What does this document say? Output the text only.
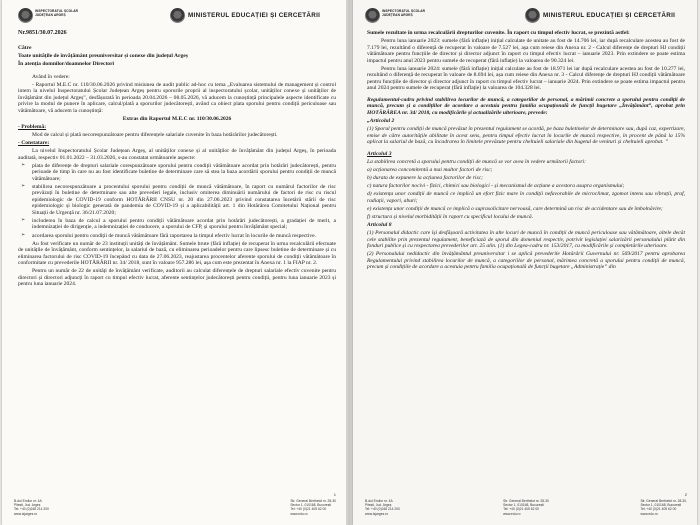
INSPECTORATUL ȘCOLAR
JUDEȚEAN ARGEȘ	MINISTERUL EDUCAȚIEI ȘI CERCETĂRII

Nr.9851/30.07.2026

Către

Toate unitățile de învățământ preuniversitar și conexe din județul Argeș

În atenția domnilor/doamnelor Directori

Având în vedere:

- Raportul M.E.C nr. 110/30.06.2026 privind misiunea de audit public ad-hoc cu tema „Evaluarea sistemului de management și control intern la nivelul Inspectoratului Școlar Județean Argeș pentru sporurile proprii al inspectoratului școlar, unităților conexe și unităților de învățământ din județul Argeș”, desfășurată în perioada 20.04.2026 – 08.05.2026, vă aducem la cunoștință principalele aspecte identificate cu privire la modul de punere în aplicare, calcul/plată a sporurilor judecătorești, având ca obiect plata sporului pentru condiții periculoase sau vătămătoare, vă aducem la cunoștință:

Extras din Raportul M.E.C nr. 110/30.06.2026

- Problemă:

Mod de calcul și plată necorespunzătoare pentru diferențele salariale cuvenite în baza hotărârilor judecătorești.

- Constatare:

La nivelul Inspectoratului Școlar Județean Argeș, al unităților conexe și al unităților de învățământ din județul Argeș, în perioada auditată, respectiv 01.01.2022 – 31.03.2026, s-au constatat următoarele aspecte:

➢ plata de diferențe de drepturi salariale corespunzătoare sporului pentru condiții vătămătoare acordat prin hotărâri judecătorești, pentru perioade de timp în care nu au fost identificate buletine de determinare care să stea la baza acordării sporului pentru condiții de muncă vătămătoare;

➢ stabilirea necorespunzătoare a procentului sporului pentru condiții de muncă vătămătoare, în raport cu numărul factorilor de risc prevăzuți în buletine de determinare sau alte prevederi legale, inclusiv omiterea diminuării numărului de factori de risc cu riscul epidemiologic de COVID-19 conform HOTĂRÂRII CNSU nr. 20 din 27.06.2023 privind constatarea încetării stării de risc epidemiologic și biologic generată de pandemia de COVID-19 și a aplicabilității art. 1 din Hotărârea Comitetului Național pentru Situații de Urgență nr. 36/21.07.2020;

➢ includerea în baza de calcul a sporului pentru condiții vătămătoare acordat prin hotărâri judecătorești, a gradației de merit, a indemnizației de dirigenție, a indemnizației de conducere, a sporului de CFP, și sporului pentru învățământ special;

➢ acordarea sporului pentru condiții de muncă vătămătoare fără raportarea la timpul efectiv lucrat în locurile de muncă respective.

Au fost verificate un număr de 23 instituții unități de învățământ. Sumele brute (fără inflație) de recuperat în urma recalculării efectuate de unitățile de învățământ, conform sentințelor, la salariul de bază, cu eliminarea perioadelor pentru care lipsesc buletine de determinare și cu eliminarea factorului de risc COVID-19 începând cu data de 27.06.2023, reajustarea procentelor aferente sporului de condiții vătămătoare în conformitate cu prevederile HOTĂRÂRII nr. 34/ 2018, sunt în valoare 957.286 lei, așa cum este prezentat în Anexa nr. 1 la FIAP nr. 2.

Pentru un număr de 22 de unități de învățământ verificate, auditorii au calculat diferențele de drepturi salariale efectiv cuvenite pentru directori și directori adjuncți în raport cu timpul efectiv lucrat, aferente sentințelor judecătorești pentru condiții, pentru luna ianuarie 2023 și pentru luna ianuarie 2024.

1
B-dul Eroilor nr. 4A
Pitești, Jud. Argeș
Tel: +40 (0)248 214 200
www.isjarges.ro
Str. General Berthelot nr. 28-30
Sector 1, 010168, București
Tel: +40 (0)21 405 62 00
www.edu.ro
INSPECTORATUL ȘCOLAR
JUDEȚEAN ARGEȘ	MINISTERUL EDUCAȚIEI ȘI CERCETĂRII

Sumele rezultate în urma recalculării drepturilor cuvenite. În raport cu timpul efectiv lucrat, se prezintă astfel:

Pentru luna ianuarie 2023: sumele (fără inflație) inițial calculate de unitate au fost de 14.706 lei, iar după recalculare acestea au fost de 7.179 lei, rezultând o diferență de recuperat în valoare de 7.527 lei, așa cum reiese din Anexa nr. 2 - Calcul diferențe de drepturi HJ condiții vătămătoare pentru funcțiile de director și director adjunct în raport cu timpul efectiv lucrat – ianuarie 2023. Prin extindere se poate estima impactul pentru anul 2023 pentru sumele de recuperat (fără inflație) la valoarea de 90.324 lei.

Pentru luna ianuarie 2024: sumele (fără inflație) inițial calculate au fost de 18.971 lei iar după recalculare acestea au fost de 10.277 lei, rezultând o diferență de recuperat în valoare de 8.694 lei, așa cum reiese din Anexa nr. 3 - Calcul diferențe de drepturi HJ condiții vătămătoare pentru funcțiile de director și director adjunct în raport cu timpul efectiv lucrat – ianuarie 2024. Prin extindere se poate estima impactul pentru anul 2024 pentru sumele de recuperat (fără inflație) la valoarea de 104.328 lei.

Regulamentul-cadru privind stabilirea locurilor de muncă, a categoriilor de personal, a mărimii concrete a sporului pentru condiții de muncă, precum și a condițiilor de acordare a acestuia pentru familia ocupațională de funcții bugetare „Învățământ”, aprobat prin HOTĂRÂREA nr. 34/ 2018, cu modificările și actualizările ulterioare, prevede:

„Articolul 2

(1) Sporul pentru condiții de muncă prevăzut în prezentul regulament se acordă, pe baza buletinelor de determinare sau, după caz, expertizare, emise de către autoritățile abilitate în acest sens, pentru timpul efectiv lucrat în locurile de muncă respective, în procent de până la 15% aplicat la salariul de bază, cu încadrarea în limitele prevăzute pentru cheltuieli salariale din bugetul de venituri și cheltuieli aprobat. ”

Articolul 3

La stabilirea concretă a sporului pentru condiții de muncă se vor avea în vedere următorii factori:

a) acționarea concomitentă a mai multor factori de risc;

b) durata de expunere la acțiunea factorilor de risc;

c) natura factorilor nocivi - fizici, chimici sau biologici - și mecanismul de acțiune a acestora asupra organismului;

d) existența unor condiții de muncă ce implică un efort fizic mare în condiții nefavorabile de microclimat, zgomot intens sau vibrații, praf, radiații, vapori, aburi;

e) existența unor condiții de muncă ce implică o suprasolicitare nervoasă, care determină un risc de accidentare sau de îmbolnăvire;

f) structura și nivelul morbidității în raport cu specificul locului de muncă.

Articolul 8

(1) Personalul didactic care își desfășoară activitatea în alte locuri de muncă în condiții de muncă periculoase sau vătămătoare, altele decât cele stabilite prin prezentul regulament, beneficiază de sporul din domeniul respectiv, potrivit legislației salarizării personalului plătit din fonduri publice și cu respectarea prevederilor art. 25 alin. (1) din Legea-cadru nr. 153/2017, cu modificările și completările ulterioare.

(2) Personalului nedidactic din învățământul preuniversitar i se aplică prevederile Hotărârii Guvernului nr. 569/2017 pentru aprobarea Regulamentului privind stabilirea locurilor de muncă, a categoriilor de personal, mărimea concretă a sporului pentru condiții de muncă, precum și condițiile de acordare a acestuia pentru familia ocupațională de funcții bugetare „Administrație” din

2
B-dul Eroilor nr. 4A
Pitești, Jud. Argeș
Tel: +40 (0)248 214 200
www.isjarges.ro
Str. General Berthelot nr. 28-30
Sector 1, 010168, București
Tel: +40 (0)21 405 62 00
www.edu.ro
Str. General Berthelot nr. 28-30,
Sector 1, 010168, București
Tel: +40 (0)21 405 62 00
www.edu.ro
